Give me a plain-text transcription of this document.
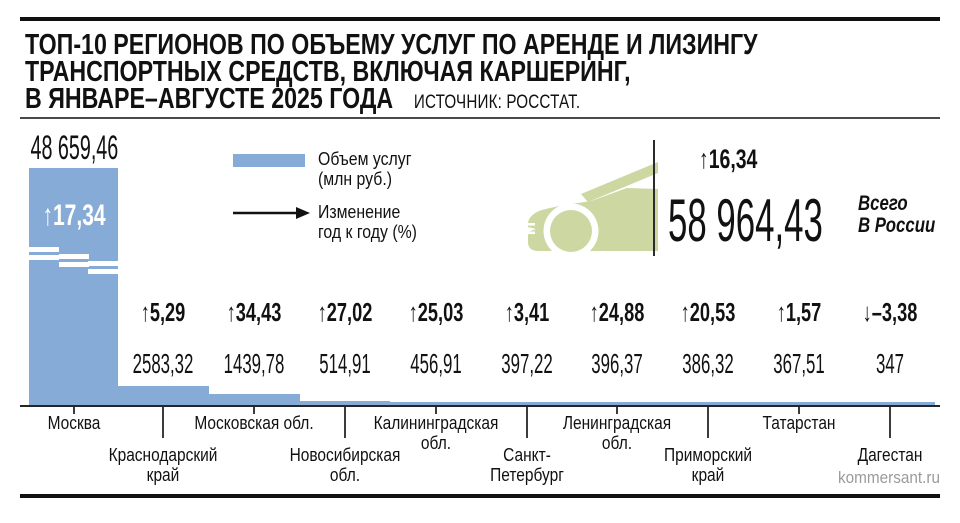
ТОП-10 РЕГИОНОВ ПО ОБЪЕМУ УСЛУГ ПО АРЕНДЕ И ЛИЗИНГУ
ТРАНСПОРТНЫХ СРЕДСТВ, ВКЛЮЧАЯ КАРШЕРИНГ,
В ЯНВАРЕ–АВГУСТЕ 2025 ГОДА ИСТОЧНИК: РОССТАТ.
Объем услуг
(млн руб.)
Изменение
год к году (%)
↑16,34
58 964,43 Всего
В России
↑17,34
48 659,46
Москва
↑5,29
2583,32
Краснодарский
край
↑34,43
1439,78
Московская обл.
↑27,02
514,91
Новосибирская
обл.
↑25,03
456,91
Калининградская
обл.
↑3,41
397,22
Санкт-
Петербург
↑24,88
396,37
Ленинградская
обл.
↑20,53
386,32
Приморский
край
↑1,57
367,51
Татарстан
↓–3,38
347
Дагестан
kommersant.ru
